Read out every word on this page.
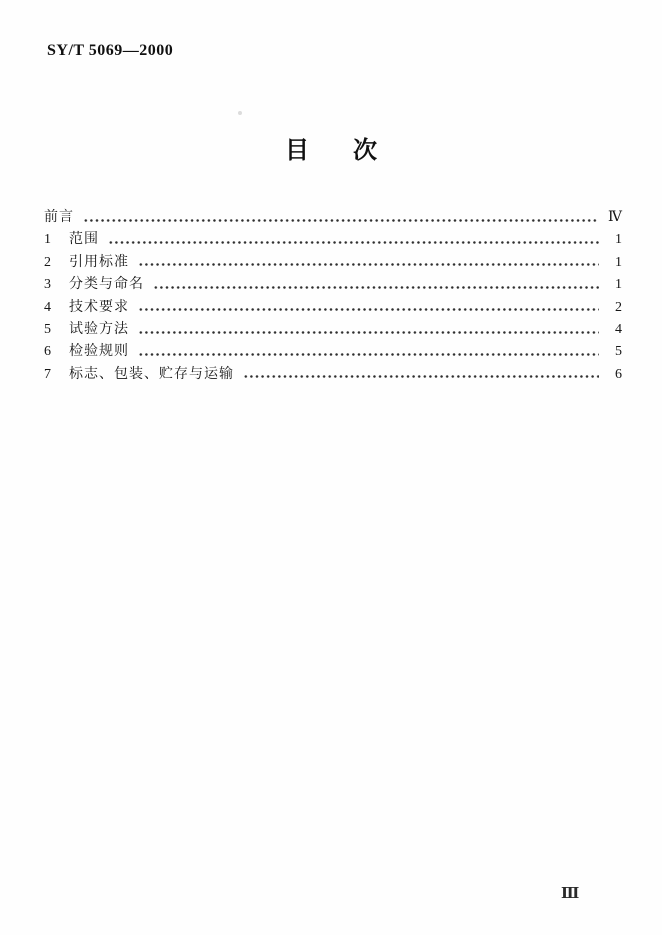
SY/T 5069—2000
目次
前言	Ⅳ
1	范围	1
2	引用标准	1
3	分类与命名	1
4	技术要求	2
5	试验方法	4
6	检验规则	5
7	标志、包装、贮存与运输	6
Ⅲ
